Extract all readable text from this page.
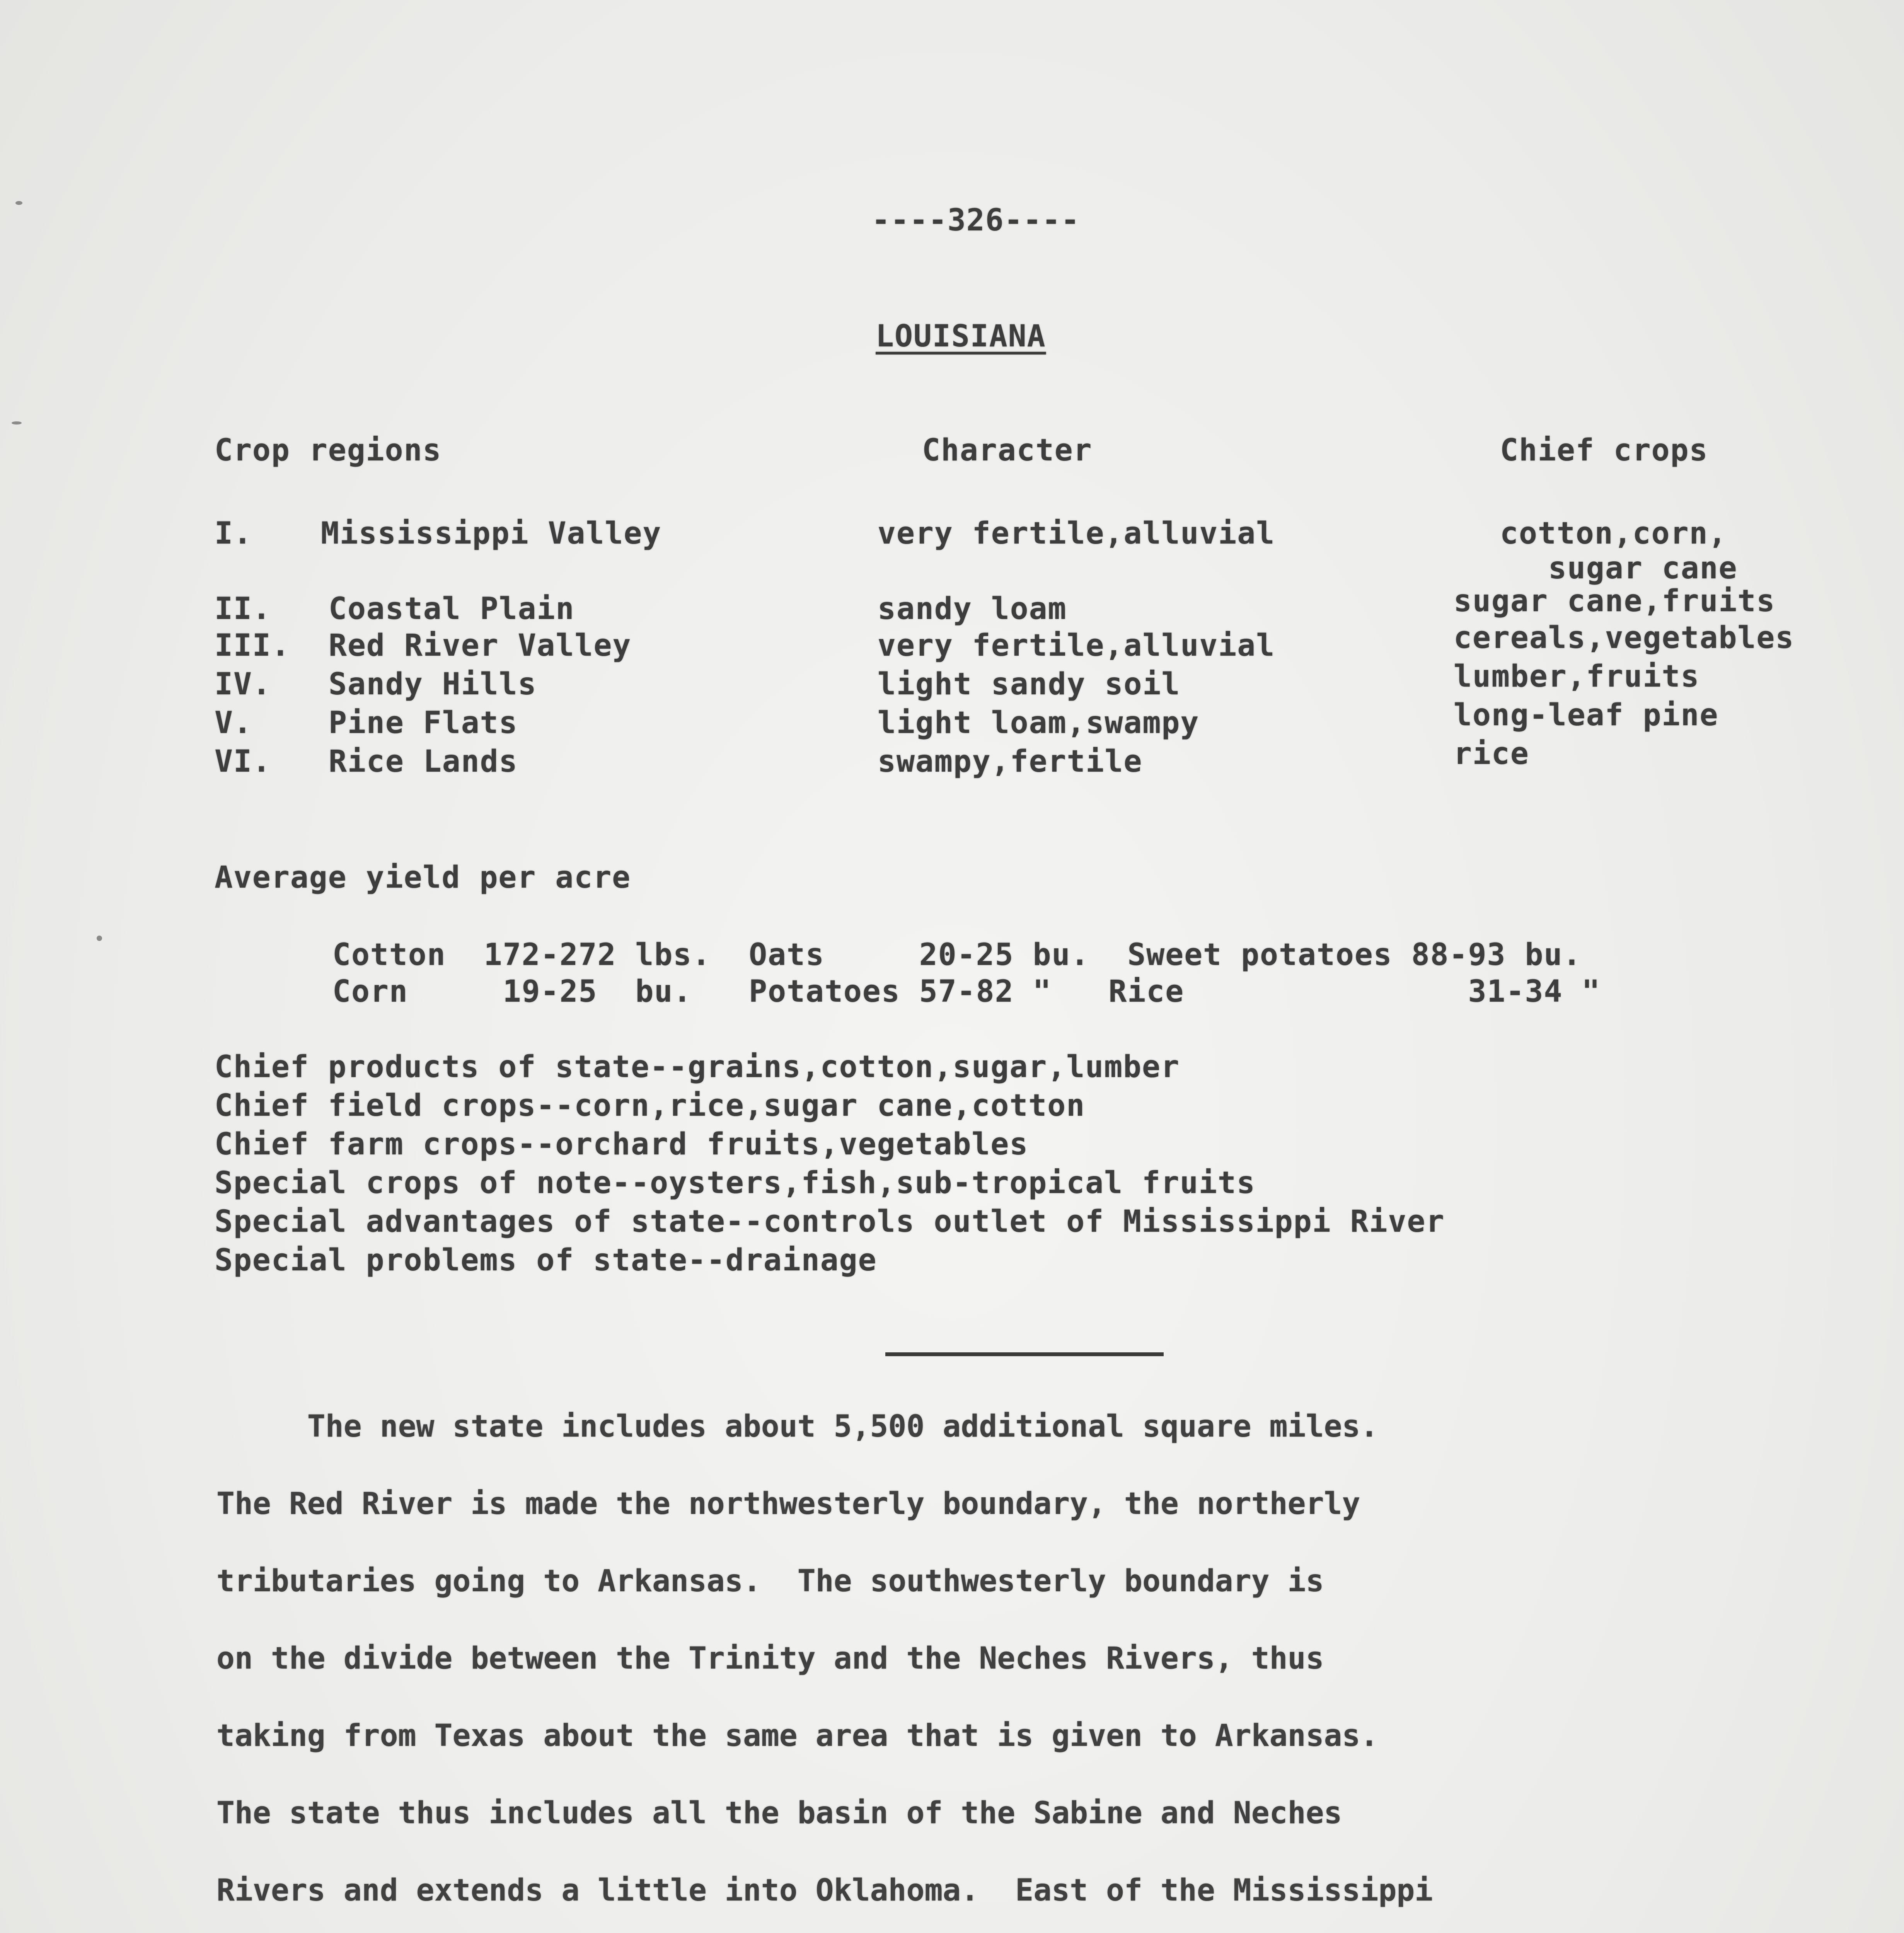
----326----
LOUISIANA
Crop regions	Character	Chief crops
I. Mississippi Valley	very fertile,alluvial	cotton,corn,
sugar cane
II. Coastal Plain	sandy loam	sugar cane,fruits
III. Red River Valley	very fertile,alluvial	cereals,vegetables
IV. Sandy Hills	light sandy soil	lumber,fruits
V.	Pine Flats	light loam,swampy	long-leaf pine
VI. Rice Lands	swampy,fertile	rice
Average yield per acre
Cotton  172-272 lbs.  Oats     20-25 bu.  Sweet potatoes 88-93 bu.
Corn     19-25  bu.   Potatoes 57-82 "   Rice               31-34 "
Chief products of state--grains,cotton,sugar,lumber
Chief field crops--corn,rice,sugar cane,cotton
Chief farm crops--orchard fruits,vegetables
Special crops of note--oysters,fish,sub-tropical fruits
Special advantages of state--controls outlet of Mississippi River
Special problems of state--drainage
The new state includes about 5,500 additional square miles.
The Red River is made the northwesterly boundary, the northerly
tributaries going to Arkansas.  The southwesterly boundary is
on the divide between the Trinity and the Neches Rivers, thus
taking from Texas about the same area that is given to Arkansas.
The state thus includes all the basin of the Sabine and Neches
Rivers and extends a little into Oklahoma.  East of the Mississippi
